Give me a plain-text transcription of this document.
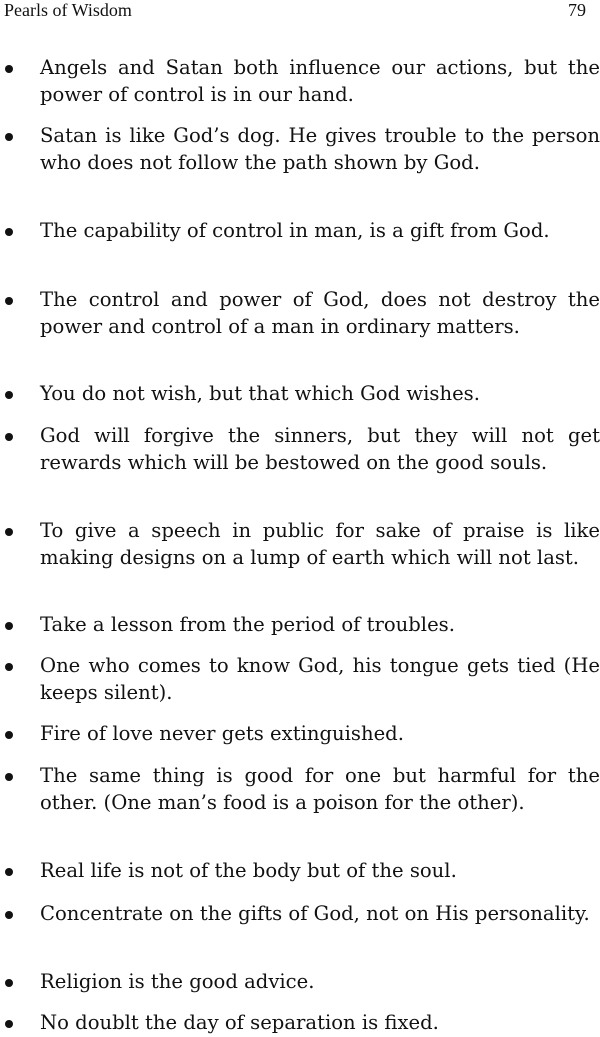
Pearls of Wisdom	79
Angels and Satan both influence our actions, but the power of control is in our hand.
Satan is like God’s dog. He gives trouble to the person who does not follow the path shown by God.
The capability of control in man, is a gift from God.
The control and power of God, does not destroy the power and control of a man in ordinary matters.
You do not wish, but that which God wishes.
God will forgive the sinners, but they will not get rewards which will be bestowed on the good souls.
To give a speech in public for sake of praise is like making designs on a lump of earth which will not last.
Take a lesson from the period of troubles.
One who comes to know God, his tongue gets tied (He keeps silent).
Fire of love never gets extinguished.
The same thing is good for one but harmful for the other. (One man’s food is a poison for the other).
Real life is not of the body but of the soul.
Concentrate on the gifts of God, not on His personality.
Religion is the good advice.
No doublt the day of separation is fixed.
